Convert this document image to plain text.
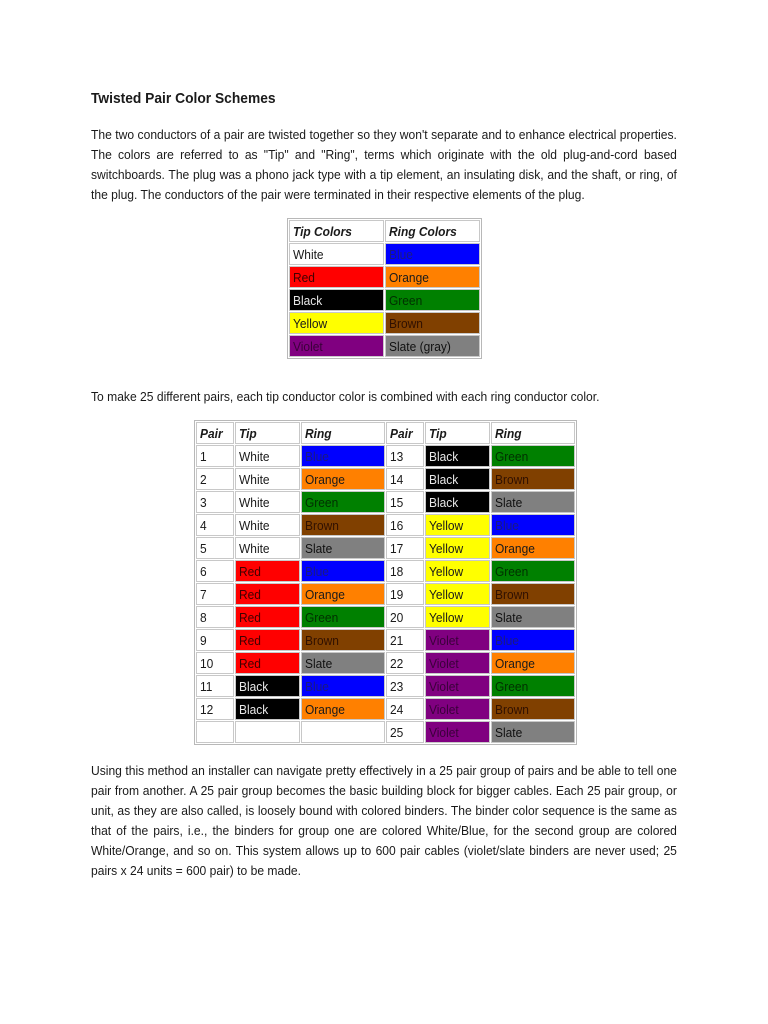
Twisted Pair Color Schemes

The two conductors of a pair are twisted together so they won't separate and to enhance electrical properties. The colors are referred to as "Tip" and "Ring", terms which originate with the old plug-and-cord based switchboards. The plug was a phono jack type with a tip element, an insulating disk, and the shaft, or ring, of the plug. The conductors of the pair were terminated in their respective elements of the plug.

Tip Colors	Ring Colors
White	Blue
Red	Orange
Black	Green
Yellow	Brown
Violet	Slate (gray)

To make 25 different pairs, each tip conductor color is combined with each ring conductor color.

Pair	Tip	Ring	Pair	Tip	Ring
1	White	Blue	13	Black	Green
2	White	Orange	14	Black	Brown
3	White	Green	15	Black	Slate
4	White	Brown	16	Yellow	Blue
5	White	Slate	17	Yellow	Orange
6	Red	Blue	18	Yellow	Green
7	Red	Orange	19	Yellow	Brown
8	Red	Green	20	Yellow	Slate
9	Red	Brown	21	Violet	Blue
10	Red	Slate	22	Violet	Orange
11	Black	Blue	23	Violet	Green
12	Black	Orange	24	Violet	Brown
			25	Violet	Slate

Using this method an installer can navigate pretty effectively in a 25 pair group of pairs and be able to tell one pair from another. A 25 pair group becomes the basic building block for bigger cables. Each 25 pair group, or unit, as they are also called, is loosely bound with colored binders. The binder color sequence is the same as that of the pairs, i.e., the binders for group one are colored White/Blue, for the second group are colored White/Orange, and so on. This system allows up to 600 pair cables (violet/slate binders are never used; 25 pairs x 24 units = 600 pair) to be made.
